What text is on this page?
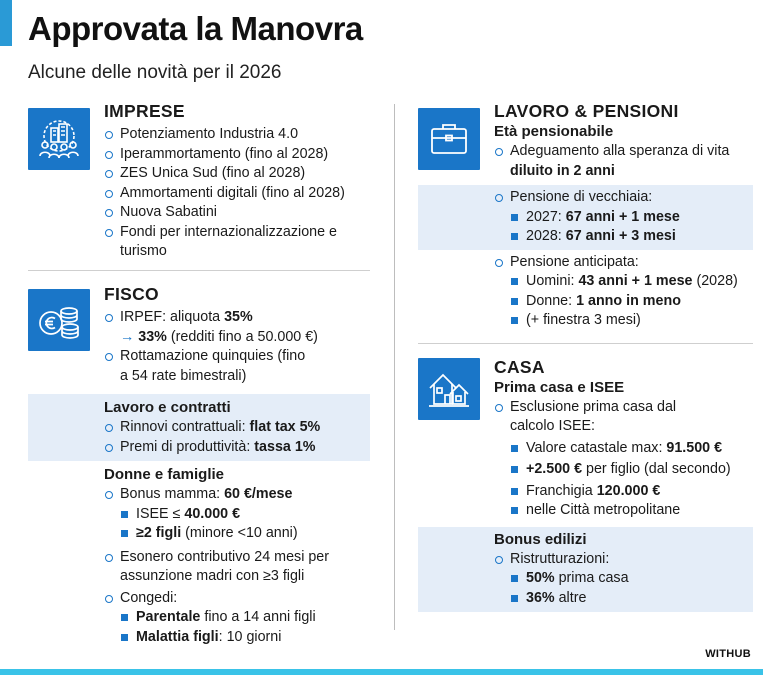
Approvata la Manovra
Alcune delle novità per il 2026
IMPRESE
Potenziamento Industria 4.0
Iperammortamento (fino al 2028)
ZES Unica Sud (fino al 2028)
Ammortamenti digitali (fino al 2028)
Nuova Sabatini
Fondi per internazionalizzazione e turismo
FISCO
IRPEF: aliquota 35%
→ 33% (redditi fino a 50.000 €)
Rottamazione quinquies (fino a 54 rate bimestrali)
Lavoro e contratti
Rinnovi contrattuali: flat tax 5%
Premi di produttività: tassa 1%
Donne e famiglie
Bonus mamma: 60 €/mese
ISEE ≤ 40.000 €
≥2 figli (minore <10 anni)
Esonero contributivo 24 mesi per assunzione madri con ≥3 figli
Congedi:
Parentale fino a 14 anni figli
Malattia figli: 10 giorni
LAVORO & PENSIONI
Età pensionabile
Adeguamento alla speranza di vita diluito in 2 anni
Pensione di vecchiaia:
2027: 67 anni + 1 mese
2028: 67 anni + 3 mesi
Pensione anticipata:
Uomini: 43 anni + 1 mese (2028)
Donne: 1 anno in meno
(+ finestra 3 mesi)
CASA
Prima casa e ISEE
Esclusione prima casa dal calcolo ISEE:
Valore catastale max: 91.500 €
+2.500 € per figlio (dal secondo)
Franchigia 120.000 €
nelle Città metropolitane
Bonus edilizi
Ristrutturazioni:
50% prima casa
36% altre
WITHUB
